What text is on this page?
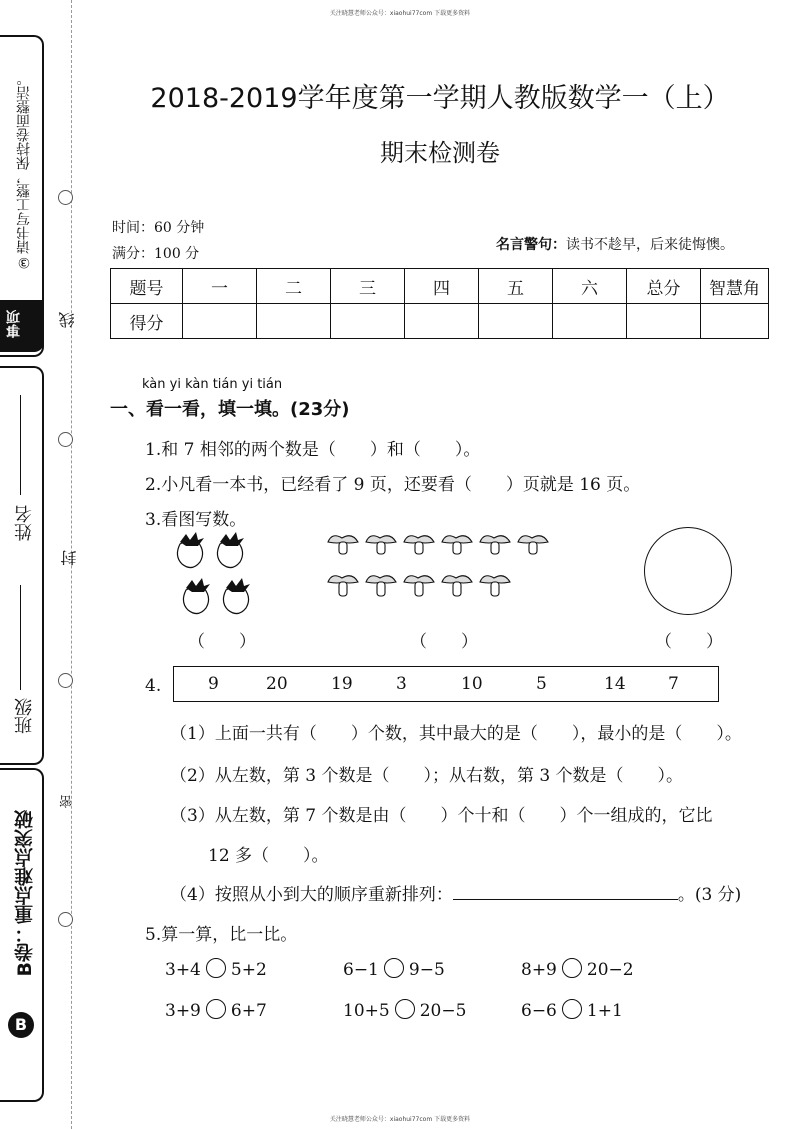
关注晓慧老师公众号：xiaohui77com 下载更多资料
关注晓慧老师公众号：xiaohui77com 下载更多资料
③请书写工整，保持卷面整洁。
事项 线
姓名
封
班级
密
B卷：重点难点突破
B
2018-2019学年度第一学期人教版数学一（上）
期末检测卷
时间：60 分钟
满分：100 分
名言警句：读书不趁早，后来徒悔懊。
题号	一	二	三	四	五	六	总分	智慧角
得分								
kàn yi kàn tián yi tián
一、看一看，填一填。(23分)
1.和 7 相邻的两个数是（　　）和（　　）。
2.小凡看一本书，已经看了 9 页，还要看（　　）页就是 16 页。
3.看图写数。
（　　）	（　　）	（　　）
4.	9	20	19	3	10	5	14 7
（1）上面一共有（　　）个数，其中最大的是（　　），最小的是（　　）。
（2）从左数，第 3 个数是（　　）；从右数，第 3 个数是（　　）。
（3）从左数，第 7 个数是由（　　）个十和（　　）个一组成的，它比
12 多（　　）。
（4）按照从小到大的顺序重新排列：	。(3 分)
5.算一算，比一比。
3+4 5+2	6−1 9−5	8+9 20−2
3+9 6+7	10+5 20−5	6−6 1+1
